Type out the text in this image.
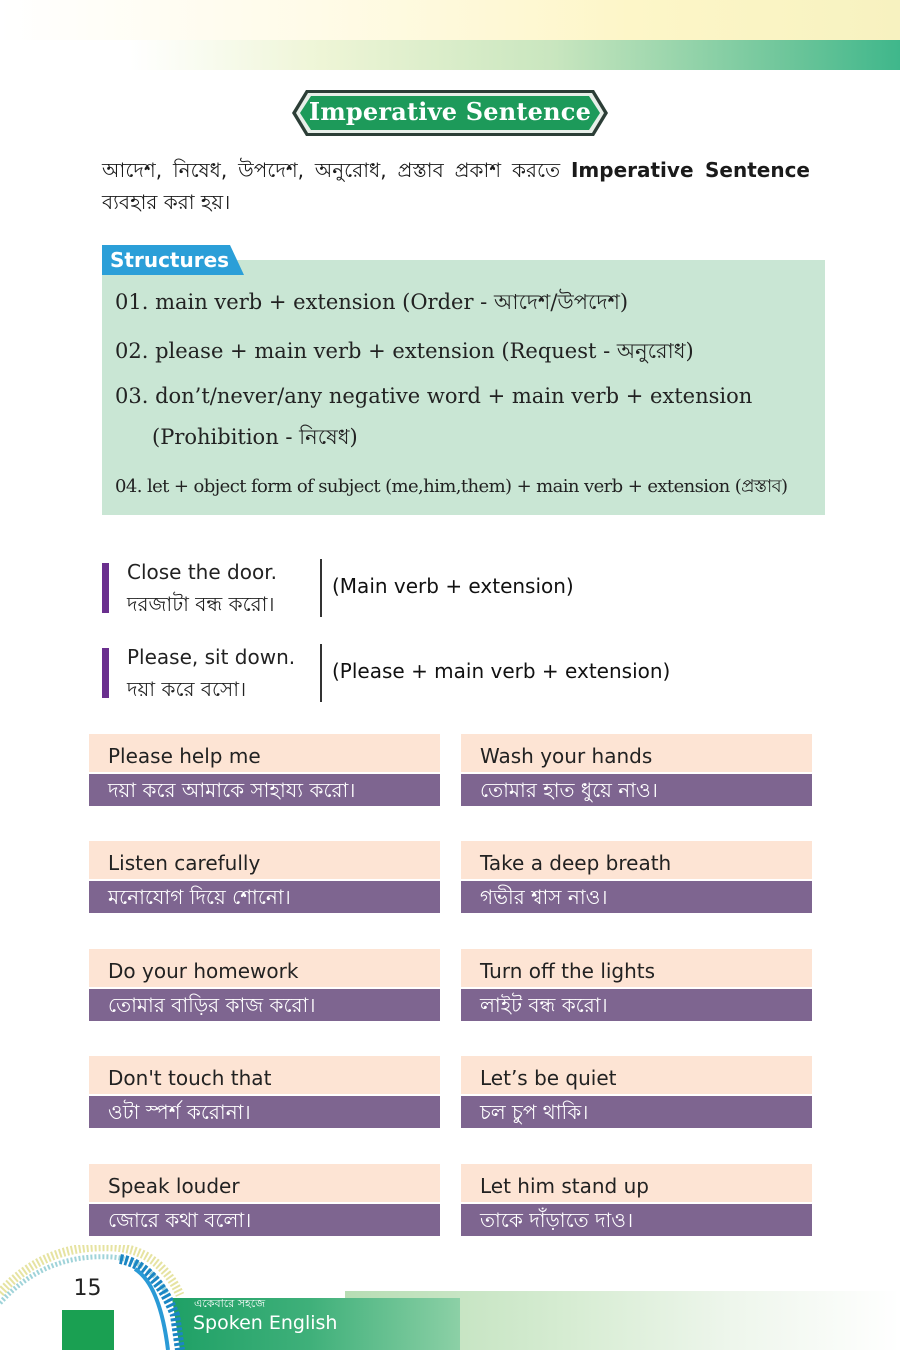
Imperative Sentence
আদেশ, নিষেধ, উপদেশ, অনুরোধ, প্রস্তাব প্রকাশ করতে Imperative Sentence ব্যবহার করা হয়।
Structures
01. main verb + extension (Order - আদেশ/উপদেশ)
02. please + main verb + extension (Request - অনুরোধ)
03. don’t/never/any negative word + main verb + extension
(Prohibition - নিষেধ)
04. let + object form of subject (me,him,them) + main verb + extension (প্রস্তাব)
Close the door.
দরজাটা বন্ধ করো।
(Main verb + extension)
Please, sit down.
দয়া করে বসো।
(Please + main verb + extension)
Please help me
দয়া করে আমাকে সাহায্য করো।
Wash your hands
তোমার হাত ধুয়ে নাও।
Listen carefully
মনোযোগ দিয়ে শোনো।
Take a deep breath
গভীর শ্বাস নাও।
Do your homework
তোমার বাড়ির কাজ করো।
Turn off the lights
লাইট বন্ধ করো।
Don't touch that
ওটা স্পর্শ করোনা।
Let’s be quiet
চল চুপ থাকি।
Speak louder
জোরে কথা বলো।
Let him stand up
তাকে দাঁড়াতে দাও।
15
একেবারে সহজে
Spoken English
